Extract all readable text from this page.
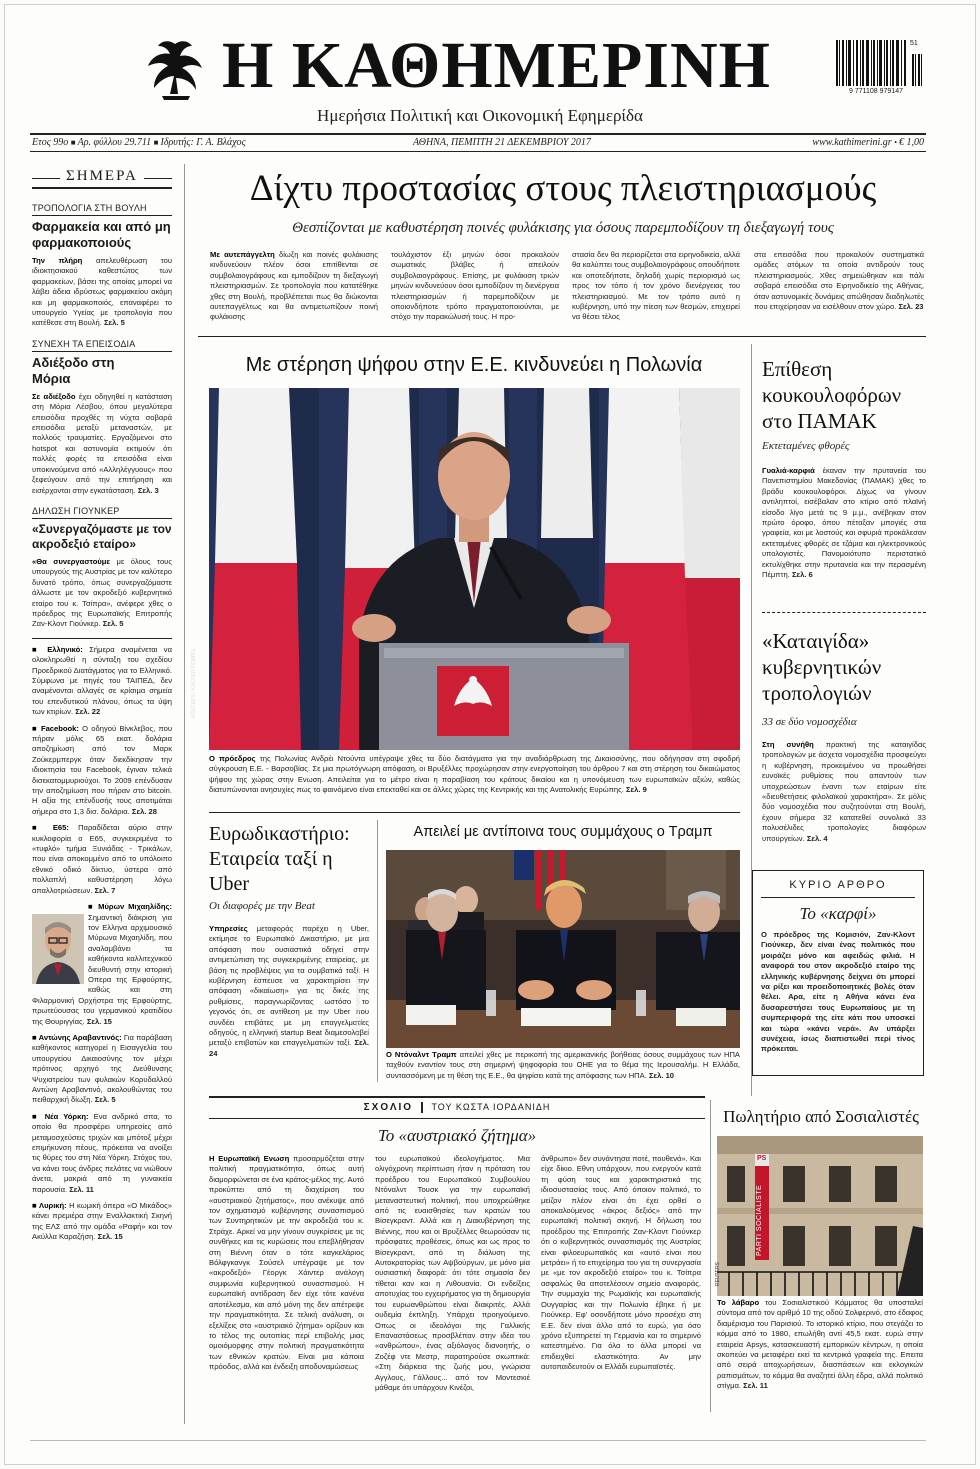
Η ΚΑΘΗΜΕΡΙΝΗ
Ημερήσια Πολιτική και Οικονομική Εφημερίδα
9 771108 979147
51
Ετος 99ο ■ Αρ. φύλλου 29.711 ■ Ιδρυτής: Γ. Α. Βλάχος	ΑΘΗΝΑ, ΠΕΜΠΤΗ 21 ΔΕΚΕΜΒΡΙΟΥ 2017	www.kathimerini.gr • € 1,00
ΣΗΜΕΡΑ
ΤΡΟΠΟΛΟΓΙΑ ΣΤΗ ΒΟΥΛΗ
Φαρμακεία και από μη φαρμακοποιούς

Την πλήρη απελευθέρωση του ιδιοκτησιακού καθεστώτος των φαρμακείων, βάσει της οποίας μπορεί να λάβει άδεια ιδρύσεως φαρμακείου ακόμη και μη φαρμακοποιός, επαναφέρει το υπουργείο Υγείας με τροπολογία που κατέθεσε στη Βουλή. Σελ. 5

ΣΥΝΕΧΗ ΤΑ ΕΠΕΙΣΟΔΙΑ
Αδιέξοδο στη Μόρια

Σε αδιέξοδο έχει οδηγηθεί η κατάσταση στη Μόρια Λέσβου, όπου μεγαλύτερα επεισόδια προχθές τη νύχτα σοβαρά επεισόδια μεταξύ μεταναστών, με πολλούς τραυματίες. Εργαζόμενοι στο hotspot και αστυνομία εκτιμούν ότι πολλές φορές τα επεισόδια είναι υποκινούμενα από «Αλληλέγγυους» που ξεφεύγουν από την επιτήρηση και εισέρχονται στην εγκατάσταση. Σελ. 3

ΔΗΛΩΣΗ ΓΙΟΥΝΚΕΡ
«Συνεργαζόμαστε με τον ακροδεξιό εταίρο»

«Θα συνεργαστούμε με όλους τους υπουργούς της Αυστρίας με τον καλύτερο δυνατό τρόπο, όπως συνεργαζόμαστε άλλωστε με τον ακροδεξιό κυβερνητικό εταίρο του κ. Τσίπρα», ανέφερε χθες ο πρόεδρος της Ευρωπαϊκής Επιτροπής Ζαν-Κλοντ Γιούνκερ. Σελ. 5

■ Ελληνικό: Σήμερα αναμένεται να ολοκληρωθεί η σύνταξη του σχεδίου Προεδρικού Διατάγματος για το Ελληνικό. Σύμφωνα με πηγές του ΤΑΙΠΕΔ, δεν αναμένονται αλλαγές σε κρίσιμα σημεία του επενδυτικού πλάνου, όπως τα ύψη των κτιρίων. Σελ. 22

■ Facebook: Ο οδηγού Βίνκλεβος, που πήραν μόλις 65 εκατ. δολάρια αποζημίωση από τον Μαρκ Ζούκερμπεργκ όταν διεκδίκησαν την ιδιοκτησία του Facebook, έγιναν τελικά δισεκατομμυριούχοι. Το 2009 επένδυσαν την αποζημίωση που πήραν στο bitcoin. Η αξία της επένδυσής τους αποτιμάται σήμερα στο 1,3 δισ. δολάρια. Σελ. 28

■ Ε65: Παραδίδεται αύριο στην κυκλοφορία ο Ε65, συγκεκριμένα το «τυφλό» τμήμα Ξυνιάδας - Τρικάλων, που είναι αποκομμένο από το υπόλοιπο εθνικό οδικό δίκτυο, ύστερα από πολλαπλή καθυστέρηση λόγω απαλλοτριώσεων. Σελ. 7

■ Μύρων Μιχαηλίδης: Σημαντική διάκριση για τον Ελληνα αρχιμουσικό Μύρωνα Μιχαηλίδη, που αναλαμβάνει τα καθήκοντα καλλιτεχνικού διευθυντή στην ιστορική Οπερα της Ερφούρτης, καθώς και στη Φιλαρμονική Ορχήστρα της Ερφούρτης, πρωτεύουσας του γερμανικού κρατιδίου της Θουριγγίας. Σελ. 15

■ Αντώνης Αραβαντινός: Για παράβαση καθήκοντος κατηγορεί η Εισαγγελία του υπουργείου Δικαιοσύνης τον μέχρι πρότινος αρχηγό της Διεύθυνσης Ψυχιατρείου των φυλακών Κορυδαλλού Αντώνη Αραβαντινό, ακολουθώντας του πειθαρχική δίωξη. Σελ. 5

■ Νέα Υόρκη: Ενα ανδρικό σπα, το οποίο θα προσφέρει υπηρεσίες από μεταμοσχεύσεις τριχών και μπότοξ μέχρι επιμήκυνση πέους, πρόκειται να ανοίξει τις θύρες του στη Νέα Υόρκη. Στόχος του, να κάνει τους άνδρες πελάτες να νιώθουν άνετα, μακριά από τη γυναικεία παρουσία. Σελ. 11

■ Λυρική: Η κωμική όπερα «Ο Μικάδος» κάνει πρεμιέρα στην Εναλλακτική Σκηνή της ΕΛΣ από την ομάδα «Ραφή» και τον Ακύλλα Καραζήση. Σελ. 15

Δίχτυ προστασίας στους πλειστηριασμούς
Θεσπίζονται με καθυστέρηση ποινές φυλάκισης για όσους παρεμποδίζουν τη διεξαγωγή τους

Με αυτεπάγγελτη δίωξη και ποινές φυλάκισης κινδυνεύουν πλέον όσοι επιτίθενται σε συμβολαιογράφους και εμποδίζουν τη διεξαγωγή πλειστηριασμών. Σε τροπολογία που κατατέθηκε χθες στη Βουλή, προβλέπεται πως θα διώκονται αυτεπαγγέλτως και θα αντιμετωπίζουν ποινή φυλάκισης

τουλάχιστον έξι μηνών όσοι προκαλούν σωματικές βλάβες ή απειλούν συμβολαιογράφους. Επίσης, με φυλάκιση τριών μηνών κινδυνεύουν όσοι εμποδίζουν τη διενέργεια πλειστηριασμών ή παρεμποδίζουν με οποιονδήποτε τρόπο πραγματοποιούνται, με στόχο την παρακώλυσή τους. Η προ-

στασία δεν θα περιορίζεται στα ειρηνοδικεία, αλλά θα καλύπτει τους συμβολαιογράφους οπουδήποτε και οποτεδήποτε, δηλαδή χωρίς περιορισμό ως προς τον τόπο ή τον χρόνο διενέργειας του πλειστηριασμού. Με τον τρόπο αυτό η κυβέρνηση, υπό την πίεση των θεσμών, επιχειρεί να θέσει τέλος

στα επεισόδια που προκαλούν συστηματικά ομάδες ατόμων τα οποία αντιδρούν τους πλειστηριασμούς. Χθες σημειώθηκαν και πάλι σοβαρά επεισόδια στο Ειρηνοδικείο της Αθήνας, όταν αστυνομικές δυνάμεις απώθησαν διαδηλωτές που επιχείρησαν να εισέλθουν στον χώρο. Σελ. 23

Με στέρηση ψήφου στην Ε.Ε. κινδυνεύει η Πολωνία
REUTERS / KACPER PEMPEL

Ο πρόεδρος της Πολωνίας Ανδρέι Ντούντα υπέγραψε χθες τα δύο διατάγματα για την αναδιάρθρωση της Δικαιοσύνης, που οδήγησαν στη σφοδρή σύγκρουση Ε.Ε. - Βαρσοβίας. Σε μια πρωτόγνωρη απόφαση, οι Βρυξέλλες προχώρησαν στην ενεργοποίηση του άρθρου 7 και στη στέρηση του δικαιώματος ψήφου της χώρας στην Ενωση. Απειλείται για το μέτρο είναι η παραβίαση του κράτους δικαίου και η υπονόμευση των ευρωπαϊκών αξιών, καθώς διατυπώνονται ανησυχίες πως το φαινόμενο είναι επεκταθεί και σε άλλες χώρες της Κεντρικής και της Ανατολικής Ευρώπης. Σελ. 9

Επίθεση κουκουλοφόρων στο ΠΑΜΑΚ
Εκτεταμένες φθορές

Γυαλιά-καρφιά έκαναν την πρυτανεία του Πανεπιστημίου Μακεδονίας (ΠΑΜΑΚ) χθες το βράδυ κουκουλοφόροι. Δίχως να γίνουν αντιληπτοί, εισέβαλαν στο κτίριο από πλαϊνή είσοδο λίγο μετά τις 9 μ.μ., ανέβηκαν στον πρώτο όροφο, όπου πέταξαν μπογιές στα γραφεία, και με λοστούς και σφυριά προκάλεσαν εκτεταμένες φθορές σε τζάμια και ηλεκτρονικούς υπολογιστές. Πανομοιότυπο περιστατικό εκτυλίχθηκε στην πρυτανεία και την περασμένη Πέμπτη. Σελ. 6

«Καταιγίδα» κυβερνητικών τροπολογιών
33 σε δύο νομοσχέδια

Στη συνήθη πρακτική της καταιγίδας τροπολογιών με άσχετα νομοσχέδια προσφεύγει η κυβέρνηση, προκειμένου να προωθήσει ευνοϊκές ρυθμίσεις που απαντούν των υποχρεώσεων έναντι των εταίρων είτε «διευθετήσεις φιλολαϊκού χαρακτήρα». Σε μόλις δύο νομοσχέδια που συζητούνται στη Βουλή, έχουν σήμερα 32 κατατεθεί συνολικά 33 πολυσέλιδες τροπολογίες διαφόρων υπουργείων. Σελ. 4

ΚΥΡΙΟ ΑΡΘΡΟ
Το «καρφί»

Ο πρόεδρος της Κομισιόν, Ζαν-Κλοντ Γιούνκερ, δεν είναι ένας πολιτικός που μοιράζει μόνο και αφειδώς φιλιά. Η αναφορά του στον ακροδεξιό εταίρο της ελληνικής κυβέρνησης δείχνει ότι μπορεί να ρίξει και προειδοποιητικές βολές όταν θέλει. Αρα, είτε η Αθήνα κάνει ένα δυσαρεστήσει τους Ευρωπαίους με τη συμπεριφορά της είτε κάτι που υποσκεί και τώρα «κάνει νερά». Αν υπάρξει συνέχεια, ίσως διαπιστωθεί περί τίνος πρόκειται.

Ευρωδικαστήριο: Εταιρεία ταξί η Uber
Οι διαφορές με την Beat

Υπηρεσίες μεταφοράς παρέχει η Uber, εκτίμησε το Ευρωπαϊκό Δικαστήριο, με μια απόφαση που ουσιαστικά οδηγεί στην αντιμετώπιση της συγκεκριμένης εταιρείας, με βάση τις προβλέψεις για τα συμβατικά ταξί. Η κυβέρνηση έσπευσε να χαρακτηρίσει την απόφαση «δικαίωση» για τις δικές της ρυθμίσεις, παραγνωρίζοντας ωστόσο το γεγονός ότι, σε αντίθεση με την Uber που συνδέει επιβάτες με μη επαγγελματίες οδηγούς, η ελληνική startup Beat διαμεσολαβεί μεταξύ επιβατών και επαγγελματιών ταξί. Σελ. 24

Απειλεί με αντίποινα τους συμμάχους ο Τραμπ
REUTERS / JONATHAN ERNST

Ο Ντόναλντ Τραμπ απειλεί χθες με περικοπή της αμερικανικής βοήθειας όσους συμμάχους των ΗΠΑ ταχθούν εναντίον τους στη σημερινή ψηφοφορία του ΟΗΕ για το θέμα της Ιερουσαλήμ. Η Ελλάδα, συντασσόμενη με τη θέση της Ε.Ε., θα ψηφίσει κατά της απόφασης των ΗΠΑ. Σελ. 10

ΣΧΟΛΙΟ ΤΟΥ ΚΩΣΤΑ ΙΟΡΔΑΝΙΔΗ
Το «αυστριακό ζήτημα»

Η Ευρωπαϊκή Ενωση προσαρμόζεται στην πολιτική πραγματικότητα, όπως αυτή διαμορφώνεται σε ένα κράτος-μέλος της. Αυτό προκύπτει από τη διαχείριση του «αυστριακού ζητήματος», που ανέκυψε από τον σχηματισμό κυβέρνησης συνασπισμού των Συντηρητικών με την ακροδεξιά του κ. Στράχε. Αρκεί να μην γίνουν συγκρίσεις με τις συνθήκες και τις κυρώσεις που επεβλήθησαν στη Βιέννη όταν ο τότε καγκελάριος Βόλφγκανγκ Σούσελ υπέγραψε με τον «ακροδεξιό» Γέοργκ Χάιντερ ανάλογη συμφωνία κυβερνητικού συνασπισμού. Η ευρωπαϊκή αντίδραση δεν είχε τότε κανένα αποτέλεσμα, και από μόνη της δεν απέτρεψε την πραγματικότητα. Σε τελική ανάλυση, οι εξελίξεις στο «αυστριακό ζήτημα» ορίζουν και το τέλος της ουτοπίας περί επιβολής μιας ομοιόμορφης στην πολιτική πραγματικότητα των εθνικών κρατών. Είναι μια κάποια πρόοδος, αλλά και ένδειξη αποδυναμώσεως

του ευρωπαϊκού ιδεολογήματος. Μια ολιγόχρονη περίπτωση ήταν η πρόταση του προέδρου του Ευρωπαϊκού Συμβουλίου Ντόναλντ Τουσκ για την ευρωπαϊκή μεταναστευτική πολιτική, που υποχρεώθηκε από τις ευαισθησίες των κρατών του Βίσεγκραντ. Αλλά και η Διακυβέρνηση της Βιέννης, που και οι Βρυξέλλες θεωρούσαν τις πρόσφατες προθέσεις, όπως και ως προς το Βίσεγκραντ, από τη διάλυση της Αυτοκρατορίας των Αψβούργων, με μόνο μία ουσιαστική διαφορά: ότι τότε σημασία δεν τίθεται καν και η Λιθουανία. Οι ενδείξεις αποτυχίας του εγχειρήματος για τη δημιουργία του ευρωανθρώπου είναι διακριτές. Αλλά ουδεμία έκπληξη. Υπάρχει προηγούμενο. Οπως οι ιδεολόγοι της Γαλλικής Επαναστάσεως προσβλέπαν στην ιδέα του «ανθρώπου», ένας αξιόλογος διανοητής, ο Ζοζέφ ντε Μεστρ, παρατηρούσε σκωπτικά: «Στη διάρκεια της ζωής μου, γνώρισα Αγγλους, Γάλλους... από τον Μοντεσκιέ μάθαμε ότι υπάρχουν Κινέζοι,

άνθρωπο» δεν συνάντησα ποτέ, πουθενά». Και είχε δίκιο. Εθνη υπάρχουν, που ενεργούν κατά τη φύση τους και χαρακτηριστικά της ιδιοσυστασίας τους. Από όποιον πολιτικό, το μείζον πλέον είναι ότι έχει ορθεί ο αποκαλούμενος «άκρος δεξιός» από την ευρωπαϊκή πολιτική σκηνή. Η δήλωση του προέδρου της Επιτροπής Ζαν-Κλοντ Γιούνκερ ότι ο κυβερνητικός συνασπισμός της Αυστρίας είναι φιλοευρωπαϊκός και «αυτό είναι που μετράει» ή το επιχείρημα του για τη συνεργασία με «με τον ακροδεξιό εταίρο» του κ. Τσίπρα ασφαλώς θα αποτελέσουν σημείο αναφοράς. Την συμμαχία της Ρωμαϊκής και ευρωπαϊκής Ουγγαρίας και την Πολωνία έβηκε ή με Γιούνκερ. Εφ' οσονδήποτε μόνο προσέχει στη Ε.Ε. δεν είναι άλλο από το ευρώ, για όσο χρόνο εξυπηρετεί τη Γερμανία και το σημερινό κατεστημένο. Για όλα το άλλα μπορεί να επιδειχθεί ελαστικότητα. Αν μην αυτοπαιδευτούν οι Ελλάδι ευρωπαϊστές.

Πωλητήριο από Σοσιαλιστές
PS
PARTI SOCIALISTE
REUTERS

Το λάβαρο του Σοσιαλιστικού Κόμματος θα υποσταλεί σύντομα από τον αριθμό 10 της οδού Σολφερινό, στο έδαφος διαμέρισμα του Παρισιού. Το ιστορικό κτίριο, που στεγάζει το κόμμα από το 1980, επωλήθη αντί 45,5 εκατ. ευρώ στην εταιρεία Apsys, κατασκευαστή εμπορικών κέντρων, η οποία σκοπεύει να μεταφέρει εκεί τα κεντρικά γραφεία της. Επειτα από σειρά αποχωρήσεων, διασπάσεων και εκλογικών ραπισμάτων, το κόμμα θα αναζητεί άλλη έδρα, αλλά πολιτικό στίγμα. Σελ. 11
